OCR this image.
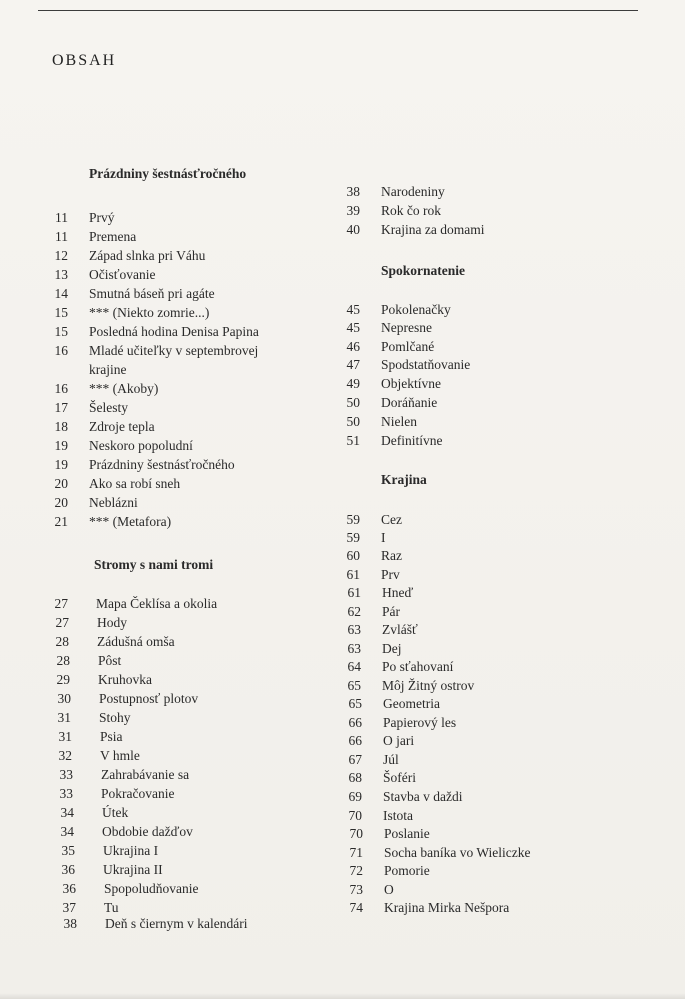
OBSAH
Prázdniny šestnásťročného
11 Prvý
11 Premena
12 Západ slnka pri Váhu
13 Očisťovanie
14 Smutná báseň pri agáte
15 *** (Niekto zomrie...)
15 Posledná hodina Denisa Papina
16 Mladé učiteľky v septembrovej
krajine
16 *** (Akoby)
17 Šelesty
18 Zdroje tepla
19 Neskoro popoludní
19 Prázdniny šestnásťročného
20 Ako sa robí sneh
20 Neblázni
21 *** (Metafora)
Stromy s nami tromi
27 Mapa Čeklísa a okolia
27 Hody
28 Zádušná omša
28 Pôst
29 Kruhovka
30 Postupnosť plotov
31 Stohy
31 Psia
32 V hmle
33 Zahrabávanie sa
33 Pokračovanie
34 Útek
34 Obdobie dažďov
35 Ukrajina I
36 Ukrajina II
36 Spopoludňovanie
37 Tu
38 Deň s čiernym v kalendári
38 Narodeniny
39 Rok čo rok
40 Krajina za domami
Spokornatenie
45 Pokolenačky
45 Nepresne
46 Pomlčané
47 Spodstatňovanie
49 Objektívne
50 Doráňanie
50 Nielen
51 Definitívne
Krajina
59 Cez
59 I
60 Raz
61 Prv
61 Hneď
62 Pár
63 Zvlášť
63 Dej
64 Po sťahovaní
65 Môj Žitný ostrov
65 Geometria
66 Papierový les
66 O jari
67 Júl
68 Šoféri
69 Stavba v daždi
70 Istota
70 Poslanie
71 Socha baníka vo Wieliczke
72 Pomorie
73 O
74 Krajina Mirka Nešpora
